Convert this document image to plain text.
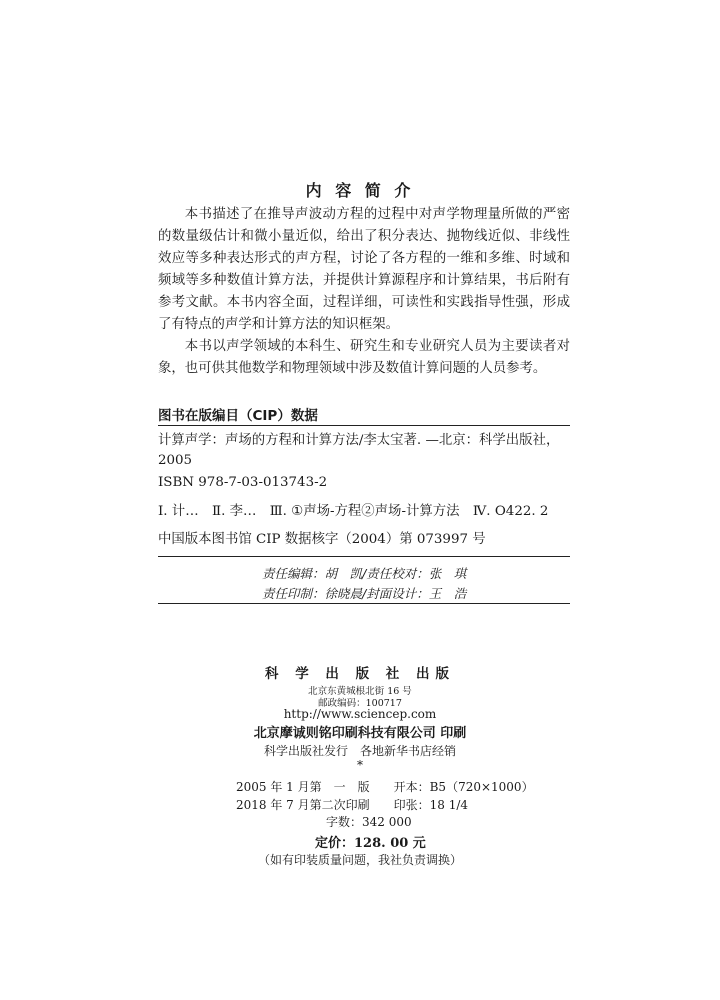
内 容 简 介

本书描述了在推导声波动方程的过程中对声学物理量所做的严密的数量级估计和微小量近似，给出了积分表达、抛物线近似、非线性效应等多种表达形式的声方程，讨论了各方程的一维和多维、时域和频域等多种数值计算方法，并提供计算源程序和计算结果，书后附有参考文献。本书内容全面，过程详细，可读性和实践指导性强，形成了有特点的声学和计算方法的知识框架。

本书以声学领域的本科生、研究生和专业研究人员为主要读者对象，也可供其他数学和物理领域中涉及数值计算问题的人员参考。

图书在版编目（CIP）数据
计算声学：声场的方程和计算方法/李太宝著. —北京：科学出版社，
2005
ISBN 978-7-03-013743-2
Ⅰ. 计…　Ⅱ. 李…　Ⅲ. ①声场-方程②声场-计算方法　Ⅳ. O422. 2
中国版本图书馆 CIP 数据核字（2004）第 073997 号
责任编辑：胡　凯/责任校对：张　琪
责任印制：徐晓晨/封面设计：王　浩
科 学 出 版 社 出版
北京东黄城根北街 16 号
邮政编码：100717
http://www.sciencep.com
北京摩诚则铭印刷科技有限公司 印刷
科学出版社发行　各地新华书店经销
*
2005 年 1 月第　一　版　　开本：B5（720×1000）
2018 年 7 月第二次印刷　　印张：18 1/4
字数：342 000
定价：128. 00 元
（如有印装质量问题，我社负责调换）
